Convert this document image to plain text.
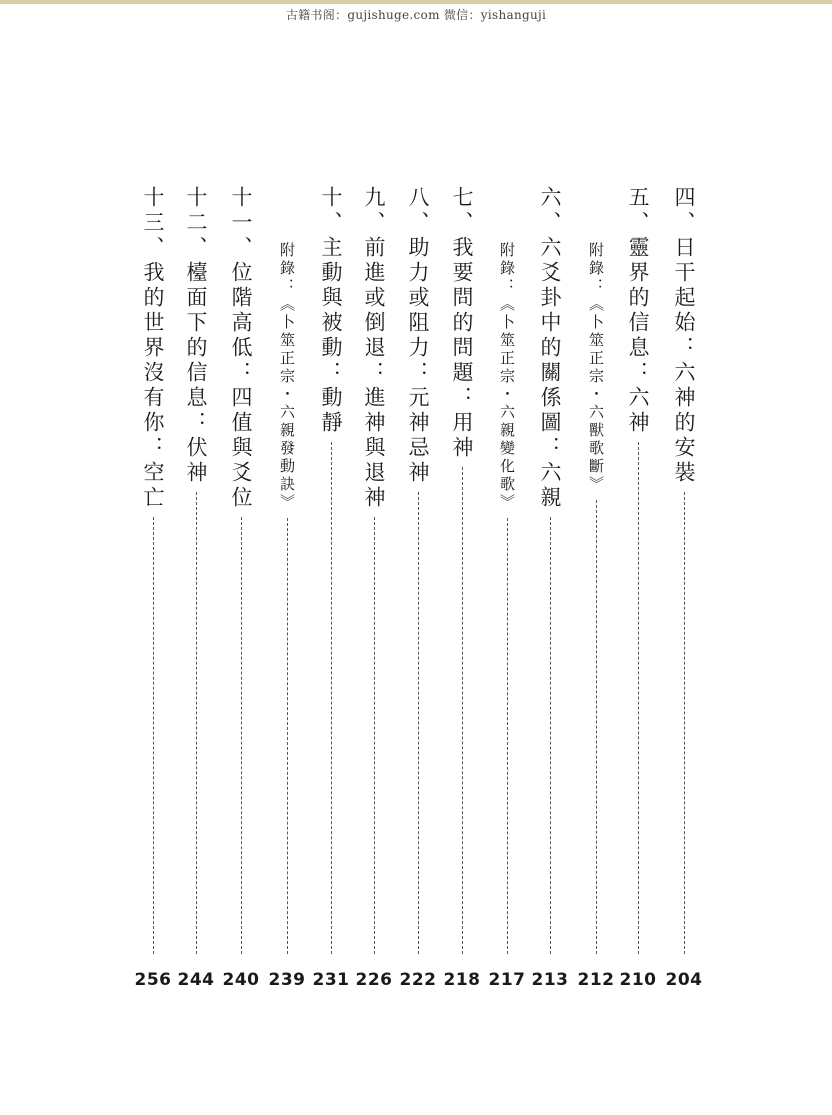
古籍书阁：gujishuge.com 微信：yishanguji
四、日干起始：六神的安裝
204
五、靈界的信息：六神
210
附錄：《卜筮正宗・六獸歌斷》
212
六、六爻卦中的關係圖：六親
213
附錄：《卜筮正宗・六親變化歌》
217
七、我要問的問題：用神
218
八、助力或阻力：元神忌神
222
九、前進或倒退：進神與退神
226
十、主動與被動：動靜
231
附錄：《卜筮正宗・六親發動訣》
239
十一、位階高低：四值與爻位
240
十二、檯面下的信息：伏神
244
十三、我的世界沒有你：空亡
256
